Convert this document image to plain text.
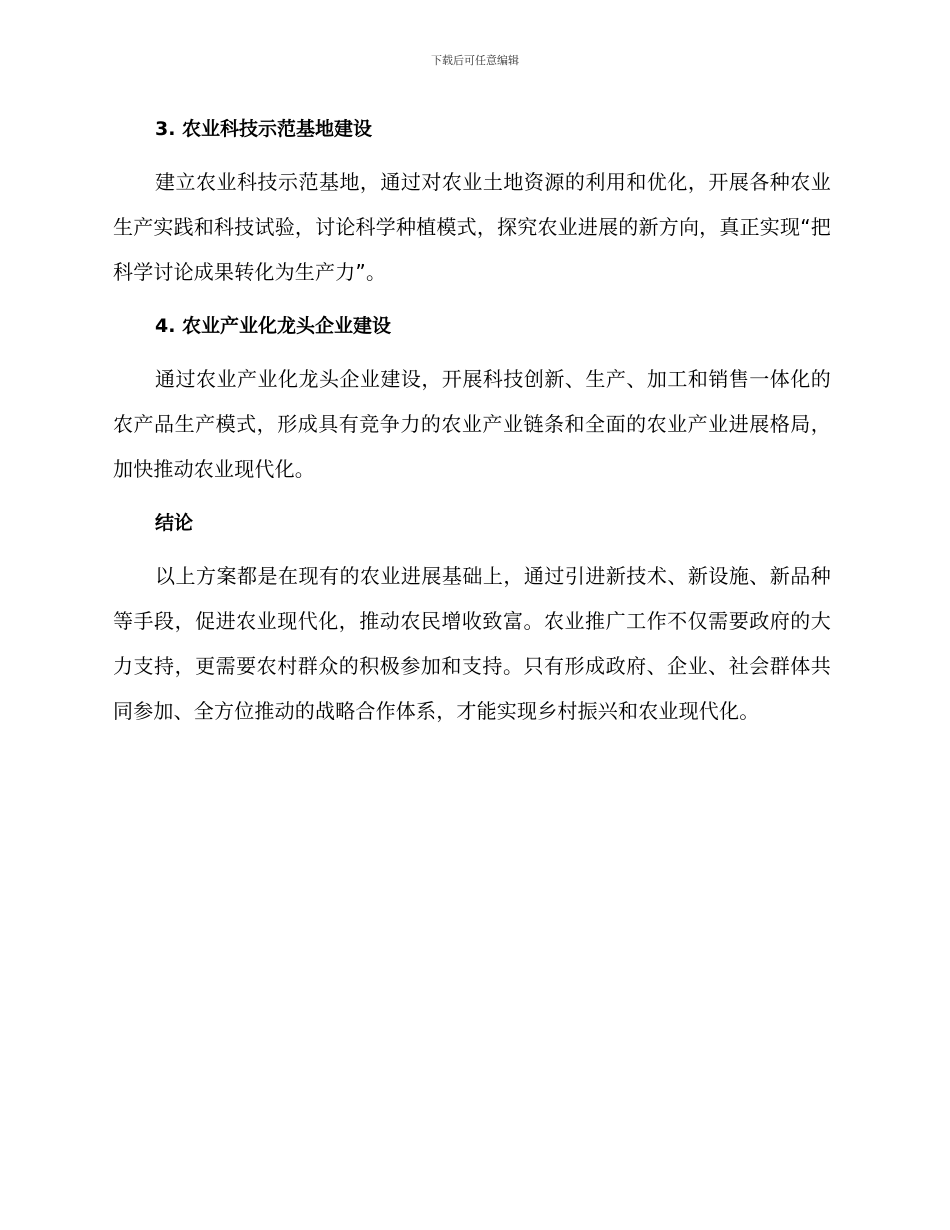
下载后可任意编辑
3. 农业科技示范基地建设

建立农业科技示范基地，通过对农业土地资源的利用和优化，开展各种农业生产实践和科技试验，讨论科学种植模式，探究农业进展的新方向，真正实现“把科学讨论成果转化为生产力”。

4. 农业产业化龙头企业建设

通过农业产业化龙头企业建设，开展科技创新、生产、加工和销售一体化的农产品生产模式，形成具有竞争力的农业产业链条和全面的农业产业进展格局，加快推动农业现代化。

结论

以上方案都是在现有的农业进展基础上，通过引进新技术、新设施、新品种等手段，促进农业现代化，推动农民增收致富。农业推广工作不仅需要政府的大力支持，更需要农村群众的积极参加和支持。只有形成政府、企业、社会群体共同参加、全方位推动的战略合作体系，才能实现乡村振兴和农业现代化。
